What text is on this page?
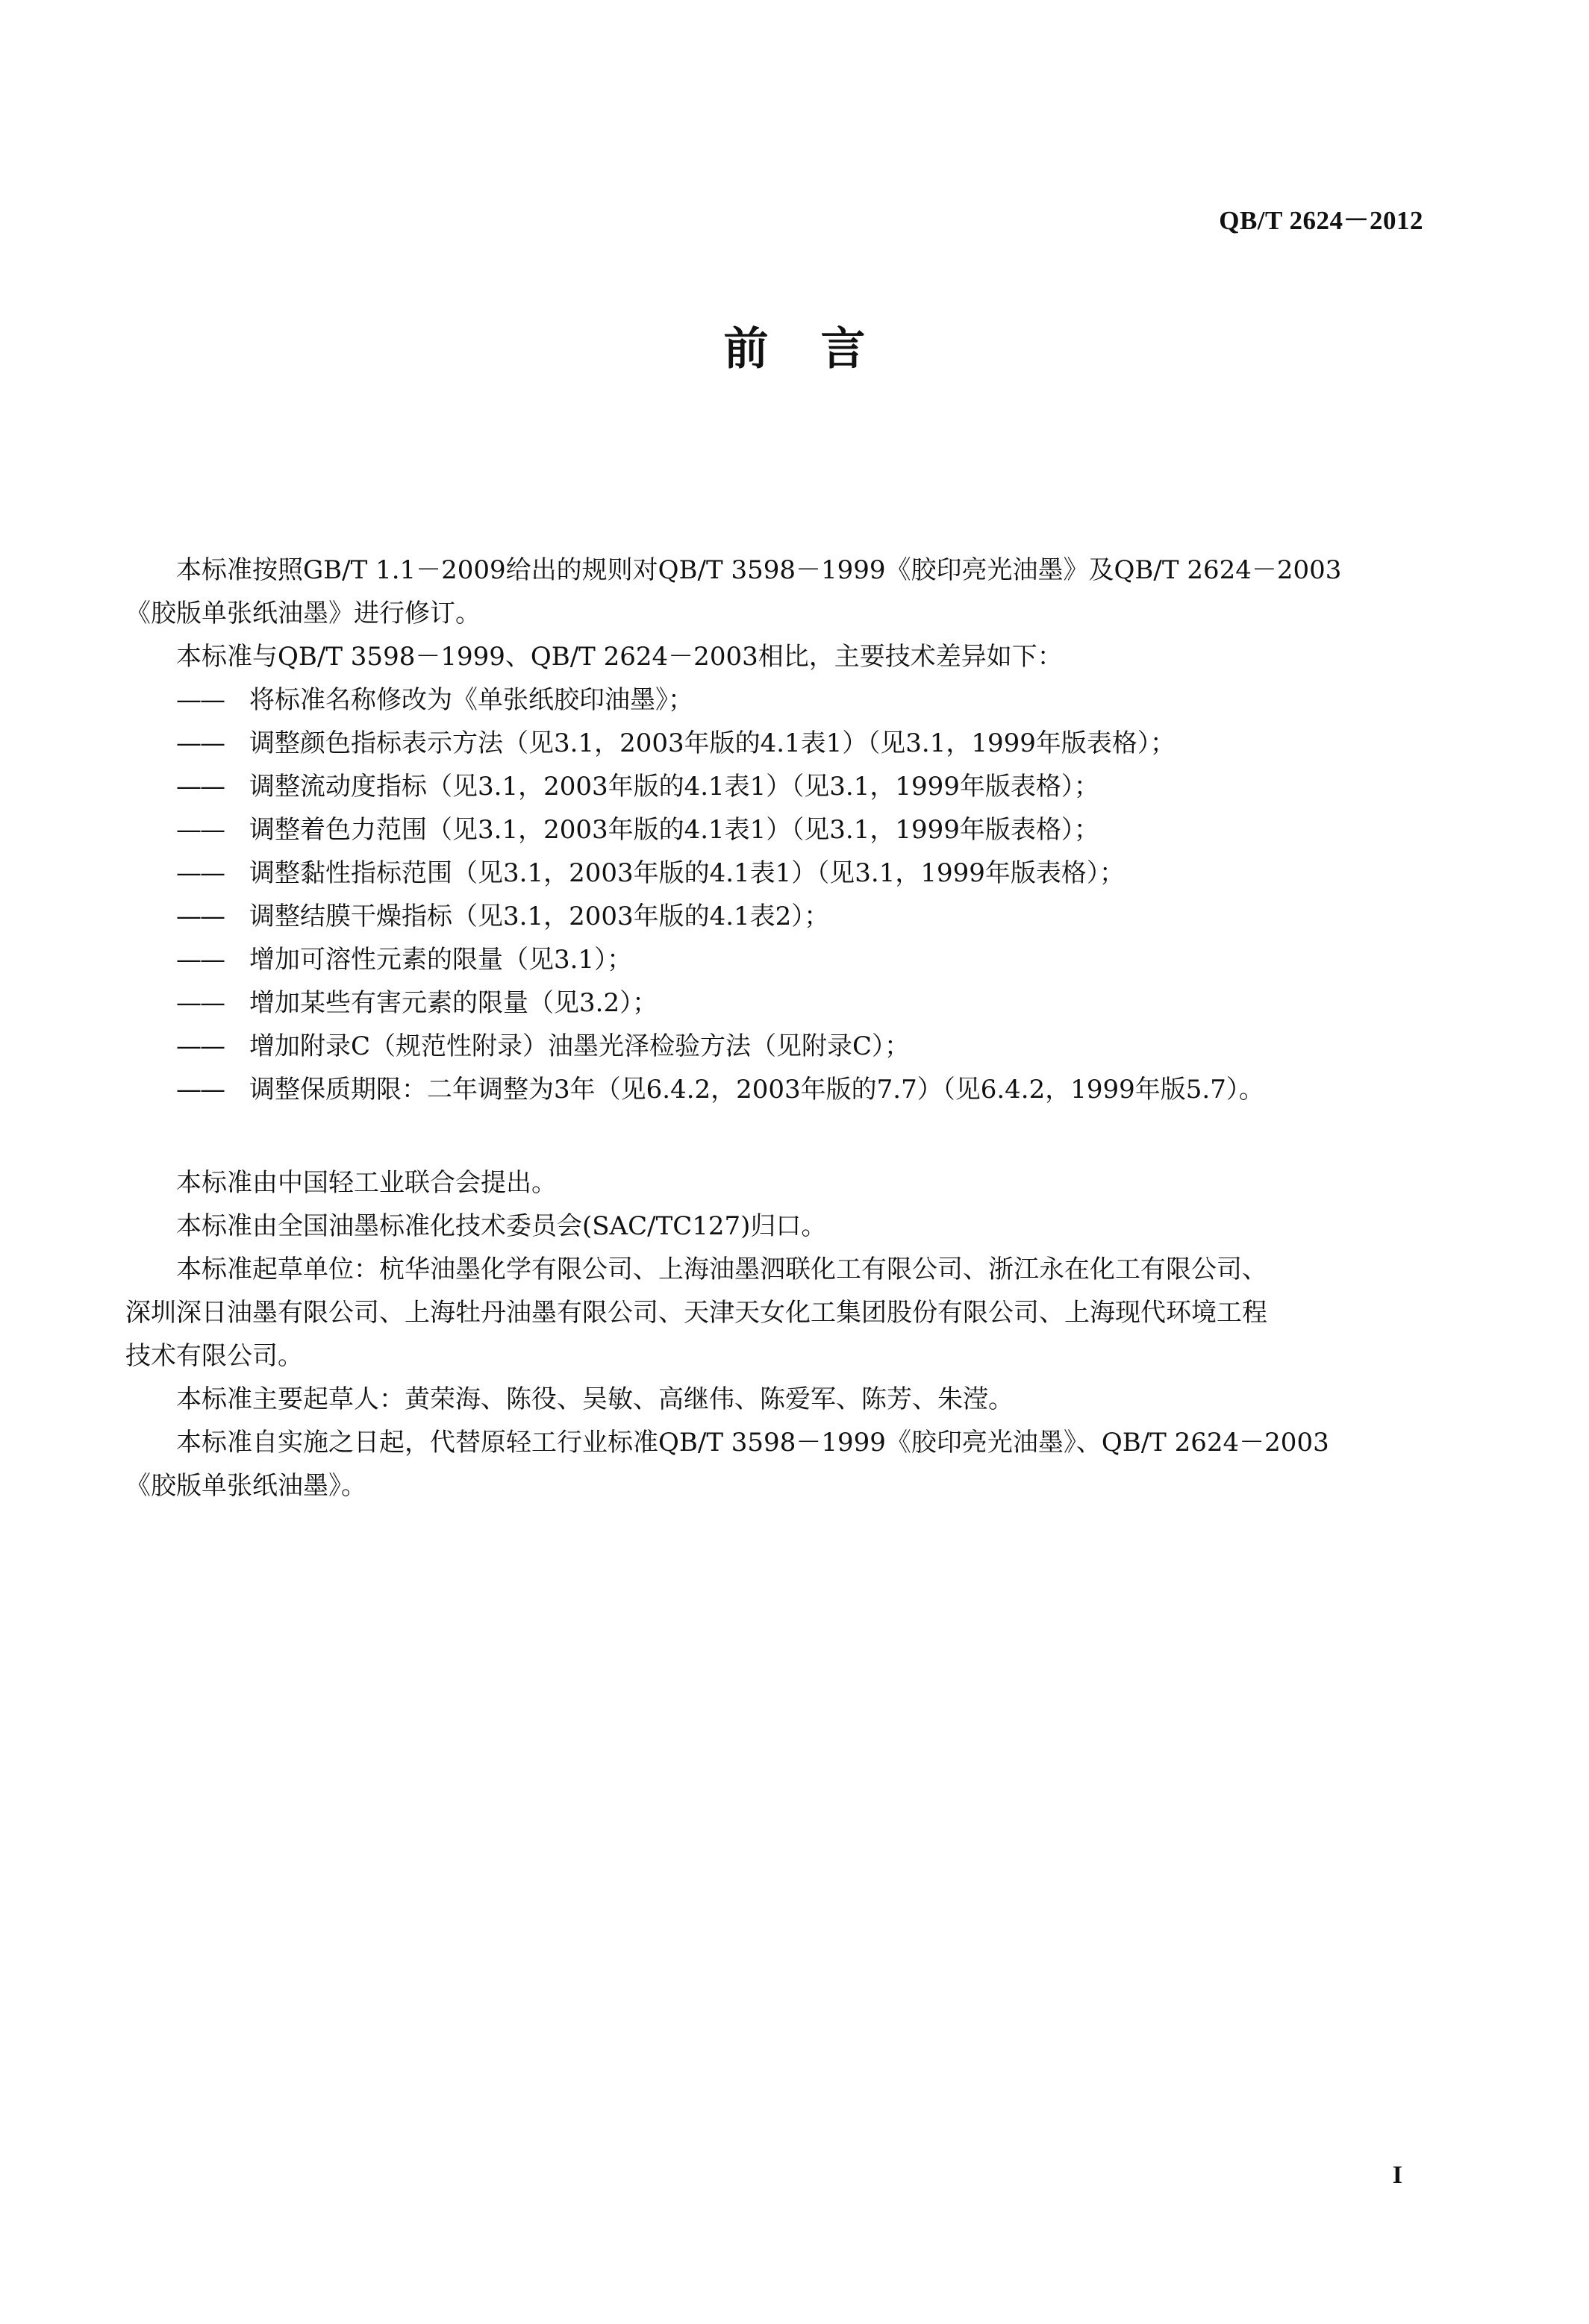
QB/T 2624－2012
前言

本标准按照GB/T 1.1－2009给出的规则对QB/T 3598－1999《胶印亮光油墨》及QB/T 2624－2003

《胶版单张纸油墨》进行修订。

本标准与QB/T 3598－1999、QB/T 2624－2003相比，主要技术差异如下：

—— 将标准名称修改为《单张纸胶印油墨》；
—— 调整颜色指标表示方法（见3.1，2003年版的4.1表1）（见3.1，1999年版表格）；
—— 调整流动度指标（见3.1，2003年版的4.1表1）（见3.1，1999年版表格）；
—— 调整着色力范围（见3.1，2003年版的4.1表1）（见3.1，1999年版表格）；
—— 调整黏性指标范围（见3.1，2003年版的4.1表1）（见3.1，1999年版表格）；
—— 调整结膜干燥指标（见3.1，2003年版的4.1表2）；
—— 增加可溶性元素的限量（见3.1）；
—— 增加某些有害元素的限量（见3.2）；
—— 增加附录C（规范性附录）油墨光泽检验方法（见附录C）；
—— 调整保质期限：二年调整为3年（见6.4.2，2003年版的7.7）（见6.4.2，1999年版5.7）。

本标准由中国轻工业联合会提出。

本标准由全国油墨标准化技术委员会(SAC/TC127)归口。

本标准起草单位：杭华油墨化学有限公司、上海油墨泗联化工有限公司、浙江永在化工有限公司、

深圳深日油墨有限公司、上海牡丹油墨有限公司、天津天女化工集团股份有限公司、上海现代环境工程

技术有限公司。

本标准主要起草人：黄荣海、陈役、吴敏、高继伟、陈爱军、陈芳、朱滢。

本标准自实施之日起，代替原轻工行业标准QB/T 3598－1999《胶印亮光油墨》、QB/T 2624－2003

《胶版单张纸油墨》。

I
